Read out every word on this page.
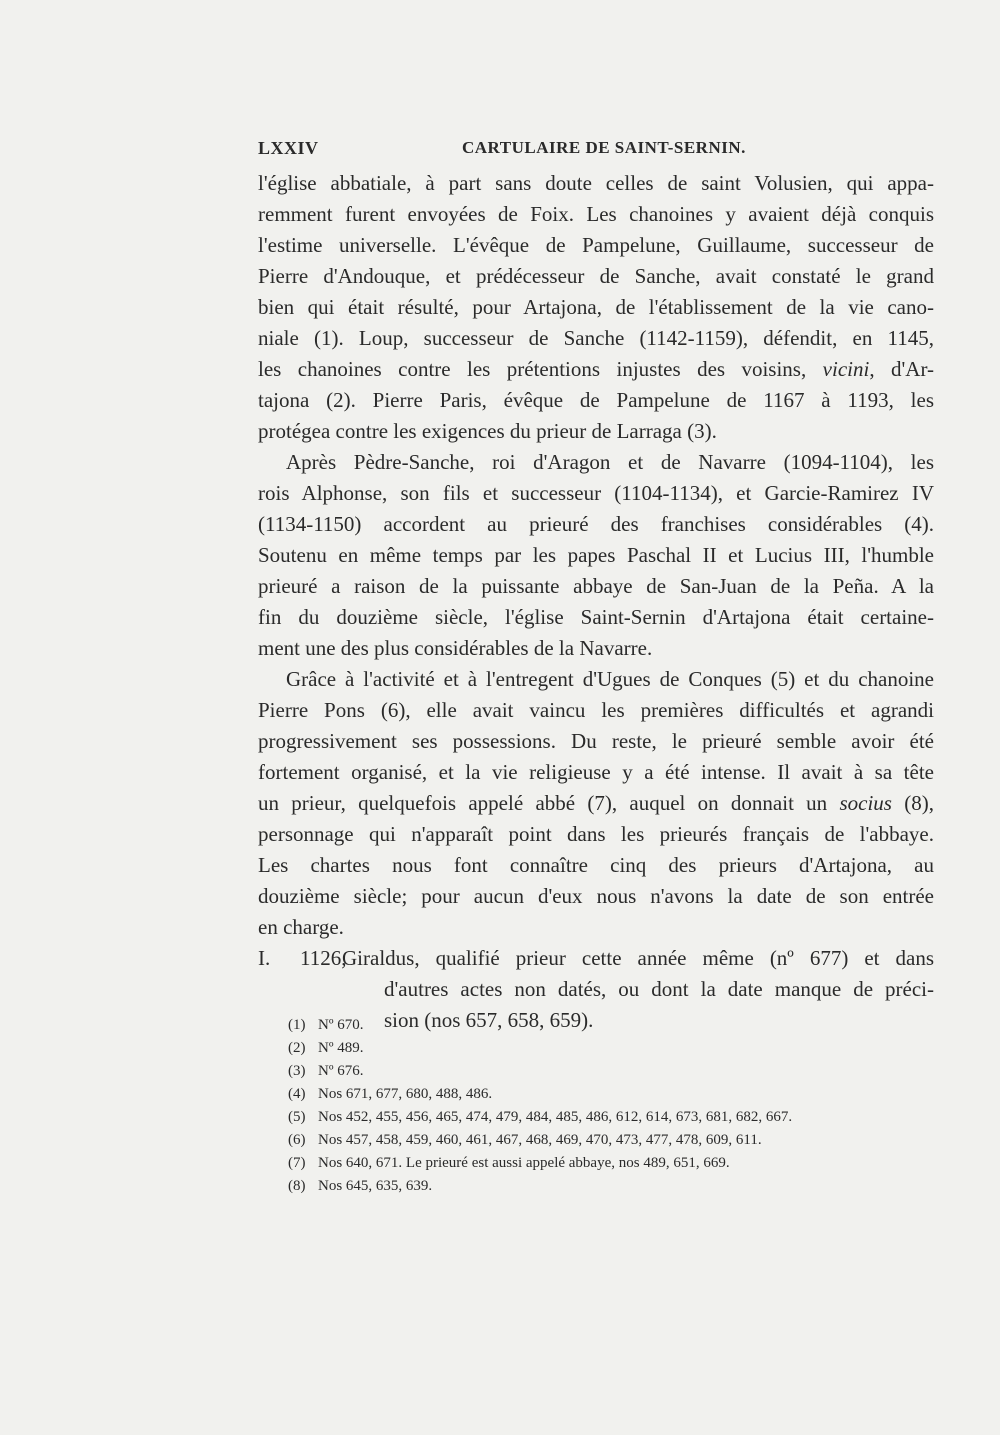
LXXIV	CARTULAIRE DE SAINT-SERNIN.
l'église abbatiale, à part sans doute celles de saint Volusien, qui appa-
remment furent envoyées de Foix. Les chanoines y avaient déjà conquis
l'estime universelle. L'évêque de Pampelune, Guillaume, successeur de
Pierre d'Andouque, et prédécesseur de Sanche, avait constaté le grand
bien qui était résulté, pour Artajona, de l'établissement de la vie cano-
niale (1). Loup, successeur de Sanche (1142-1159), défendit, en 1145,
les chanoines contre les prétentions injustes des voisins, vicini, d'Ar-
tajona (2). Pierre Paris, évêque de Pampelune de 1167 à 1193, les
protégea contre les exigences du prieur de Larraga (3).
Après Pèdre-Sanche, roi d'Aragon et de Navarre (1094-1104), les
rois Alphonse, son fils et successeur (1104-1134), et Garcie-Ramirez IV
(1134-1150) accordent au prieuré des franchises considérables (4).
Soutenu en même temps par les papes Paschal II et Lucius III, l'humble
prieuré a raison de la puissante abbaye de San-Juan de la Peña. A la
fin du douzième siècle, l'église Saint-Sernin d'Artajona était certaine-
ment une des plus considérables de la Navarre.
Grâce à l'activité et à l'entregent d'Ugues de Conques (5) et du chanoine
Pierre Pons (6), elle avait vaincu les premières difficultés et agrandi
progressivement ses possessions. Du reste, le prieuré semble avoir été
fortement organisé, et la vie religieuse y a été intense. Il avait à sa tête
un prieur, quelquefois appelé abbé (7), auquel on donnait un socius (8),
personnage qui n'apparaît point dans les prieurés français de l'abbaye.
Les chartes nous font connaître cinq des prieurs d'Artajona, au
douzième siècle; pour aucun d'eux nous n'avons la date de son entrée
en charge.
I.	1126,
Giraldus, qualifié prieur cette année même (nº 677) et dans
d'autres actes non datés, ou dont la date manque de préci-
sion (nos 657, 658, 659).
(1) Nº 670.
(2) Nº 489.
(3) Nº 676.
(4) Nos 671, 677, 680, 488, 486.
(5) Nos 452, 455, 456, 465, 474, 479, 484, 485, 486, 612, 614, 673, 681, 682, 667.
(6) Nos 457, 458, 459, 460, 461, 467, 468, 469, 470, 473, 477, 478, 609, 611.
(7) Nos 640, 671. Le prieuré est aussi appelé abbaye, nos 489, 651, 669.
(8) Nos 645, 635, 639.
